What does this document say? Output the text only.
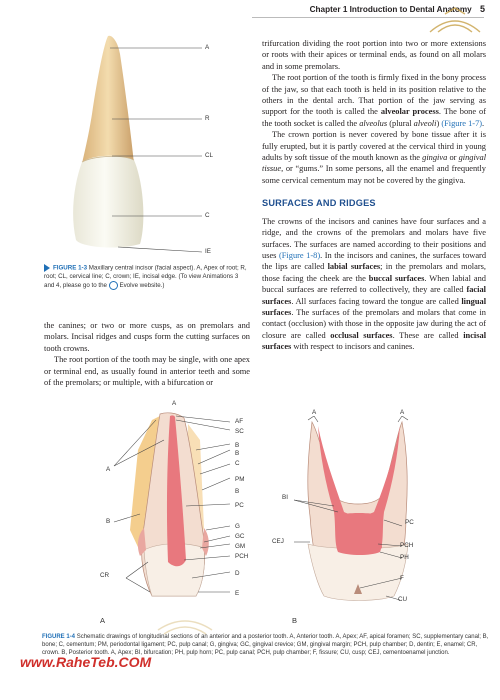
Chapter 1 Introduction to Dental Anatomy 5
A
R
CL
C
IE
FIGURE 1-3 Maxillary central incisor (facial aspect). A, Apex of root; R, root; CL, cervical line; C, crown; IE, incisal edge. (To view Animations 3 and 4, please go to the Evolve website.)

the canines; or two or more cusps, as on premolars and molars. Incisal ridges and cusps form the cutting surfaces on tooth crowns.

The root portion of the tooth may be single, with one apex or terminal end, as usually found in anterior teeth and some of the premolars; or multiple, with a bifurcation or

trifurcation dividing the root portion into two or more extensions or roots with their apices or terminal ends, as found on all molars and in some premolars.

The root portion of the tooth is firmly fixed in the bony process of the jaw, so that each tooth is held in its position relative to the others in the dental arch. That portion of the jaw serving as support for the tooth is called the alveolar process. The bone of the tooth socket is called the alveolus (plural alveoli) (Figure 1-7).

The crown portion is never covered by bone tissue after it is fully erupted, but it is partly covered at the cervical third in young adults by soft tissue of the mouth known as the gingiva or gingival tissue, or “gums.” In some persons, all the enamel and frequently some cervical cementum may not be covered by the gingiva.

SURFACES AND RIDGES

The crowns of the incisors and canines have four surfaces and a ridge, and the crowns of the premolars and molars have five surfaces. The surfaces are named according to their positions and uses (Figure 1-8). In the incisors and canines, the surfaces toward the lips are called labial surfaces; in the premolars and molars, those facing the cheek are the buccal surfaces. When labial and buccal surfaces are referred to collectively, they are called facial surfaces. All surfaces facing toward the tongue are called lingual surfaces. The surfaces of the premolars and molars that come in contact (occlusion) with those in the opposite jaw during the act of closure are called occlusal surfaces. These are called incisal surfaces with respect to incisors and canines.

A
AF
SC
B
B
C
A
PM
B
PC
B
G
GC
GM
PCH
CR	D
E
A
A	A
BI
PC
CEJ
PCH
PH
F
CU
B
FIGURE 1-4 Schematic drawings of longitudinal sections of an anterior and a posterior tooth. A, Anterior tooth. A, Apex; AF, apical foramen; SC, supplementary canal; B, bone; C, cementum; PM, periodontal ligament; PC, pulp canal; G, gingiva; GC, gingival crevice; GM, gingival margin; PCH, pulp chamber; D, dentin; E, enamel; CR, crown. B, Posterior tooth. A, Apex; BI, bifurcation; PH, pulp horn; PC, pulp canal; PCH, pulp chamber; F, fissure; CU, cusp; CEJ, cementoenamel junction.
www.RaheTeb.COM
